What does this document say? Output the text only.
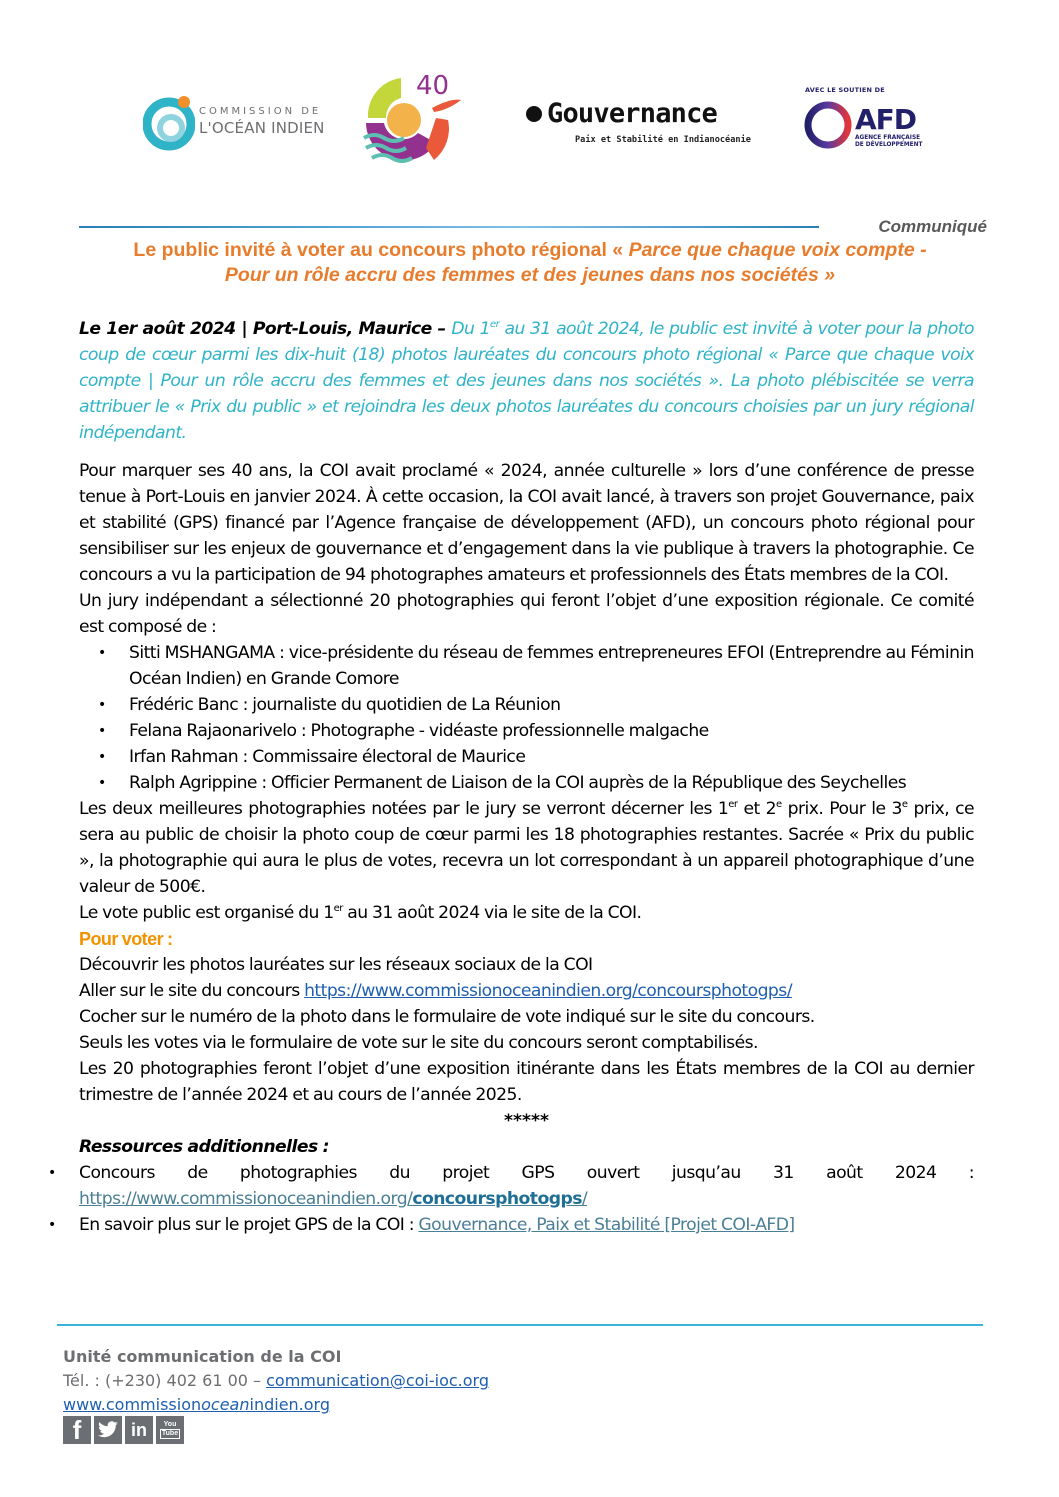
COMMISSION DE
L'OCÉAN INDIEN
40
Gouvernance
Paix et Stabilité en Indianocéanie
AVEC LE SOUTIEN DE
AFD
AGENCE FRANÇAISE
DE DÉVELOPPEMENT
Communiqué
Le public invité à voter au concours photo régional « Parce que chaque voix compte -
Pour un rôle accru des femmes et des jeunes dans nos sociétés »
Le 1er août 2024 | Port-Louis, Maurice – Du 1er au 31 août 2024, le public est invité à voter pour la photo coup de cœur parmi les dix-huit (18) photos lauréates du concours photo régional « Parce que chaque voix compte | Pour un rôle accru des femmes et des jeunes dans nos sociétés ». La photo plébiscitée se verra attribuer le « Prix du public » et rejoindra les deux photos lauréates du concours choisies par un jury régional indépendant.

Pour marquer ses 40 ans, la COI avait proclamé « 2024, année culturelle » lors d’une conférence de presse tenue à Port-Louis en janvier 2024. À cette occasion, la COI avait lancé, à travers son projet Gouvernance, paix et stabilité (GPS) financé par l’Agence française de développement (AFD), un concours photo régional pour sensibiliser sur les enjeux de gouvernance et d’engagement dans la vie publique à travers la photographie. Ce concours a vu la participation de 94 photographes amateurs et professionnels des États membres de la COI.

Un jury indépendant a sélectionné 20 photographies qui feront l’objet d’une exposition régionale. Ce comité est composé de :

• Sitti MSHANGAMA : vice-présidente du réseau de femmes entrepreneures EFOI (Entreprendre au Féminin Océan Indien) en Grande Comore
• Frédéric Banc : journaliste du quotidien de La Réunion
• Felana Rajaonarivelo : Photographe - vidéaste professionnelle malgache
• Irfan Rahman : Commissaire électoral de Maurice
• Ralph Agrippine : Officier Permanent de Liaison de la COI auprès de la République des Seychelles

Les deux meilleures photographies notées par le jury se verront décerner les 1er et 2e prix. Pour le 3e prix, ce sera au public de choisir la photo coup de cœur parmi les 18 photographies restantes. Sacrée « Prix du public », la photographie qui aura le plus de votes, recevra un lot correspondant à un appareil photographique d’une valeur de 500€.

Le vote public est organisé du 1er au 31 août 2024 via le site de la COI.

Pour voter :

Découvrir les photos lauréates sur les réseaux sociaux de la COI

Aller sur le site du concours https://www.commissionoceanindien.org/concoursphotogps/

Cocher sur le numéro de la photo dans le formulaire de vote indiqué sur le site du concours.

Seuls les votes via le formulaire de vote sur le site du concours seront comptabilisés.

Les 20 photographies feront l’objet d’une exposition itinérante dans les États membres de la COI au dernier trimestre de l’année 2024 et au cours de l’année 2025.

*****

Ressources additionnelles :

• Concours de photographies du projet GPS ouvert jusqu’au 31 août 2024 : https://www.commissionoceanindien.org/concoursphotogps/
• En savoir plus sur le projet GPS de la COI : Gouvernance, Paix et Stabilité [Projet COI-AFD]
Unité communication de la COI
Tél. : (+230) 402 61 00 – communication@coi-ioc.org
www.commissionoceanindien.org
f	in	You
Tube
